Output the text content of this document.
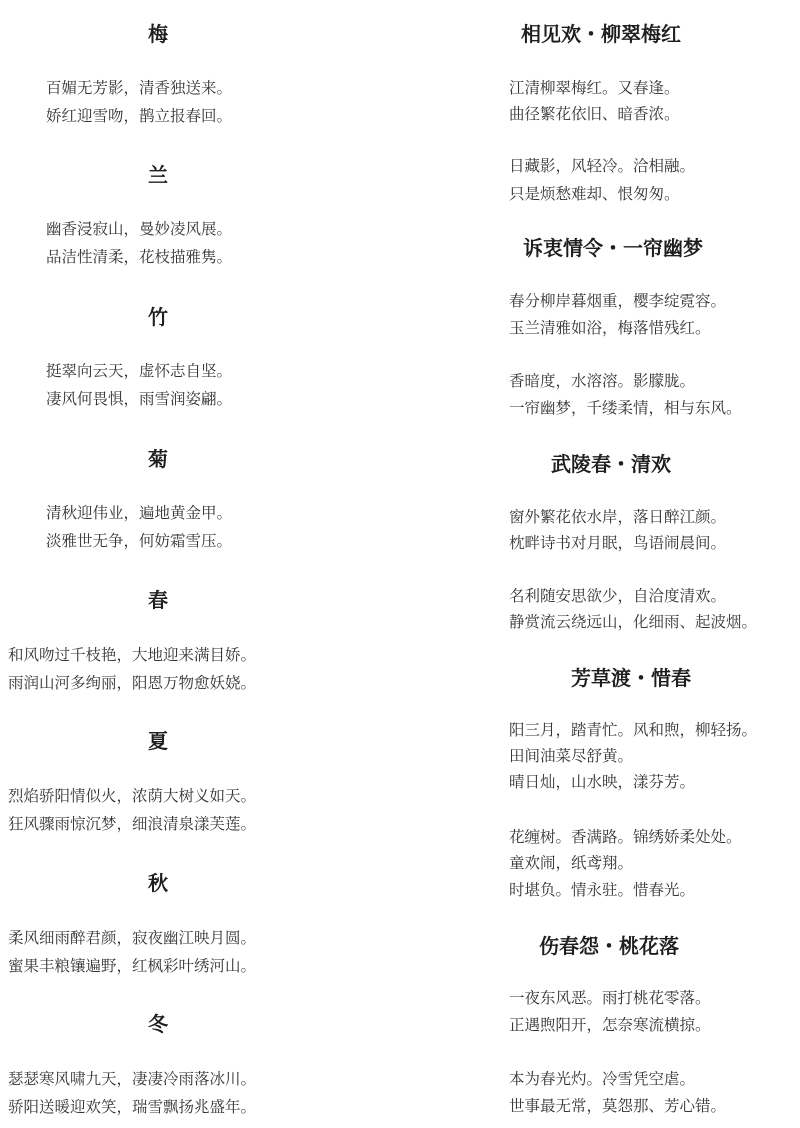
梅
百媚无芳影，清香独送来。
娇红迎雪吻，鹊立报春回。
兰
幽香浸寂山，曼妙凌风展。
品洁性清柔，花枝描雅隽。
竹
挺翠向云天，虚怀志自坚。
凄风何畏惧，雨雪润姿翩。
菊
清秋迎伟业，遍地黄金甲。
淡雅世无争，何妨霜雪压。
春
和风吻过千枝艳，大地迎来满目娇。
雨润山河多绚丽，阳恩万物愈妖娆。
夏
烈焰骄阳情似火，浓荫大树义如天。
狂风骤雨惊沉梦，细浪清泉漾芙莲。
秋
柔风细雨醉君颜，寂夜幽江映月圆。
蜜果丰粮镶遍野，红枫彩叶绣河山。
冬
瑟瑟寒风啸九天，凄凄冷雨落冰川。
骄阳送暖迎欢笑，瑞雪飘扬兆盛年。
相见欢・柳翠梅红
江清柳翠梅红。又春逢。
曲径繁花依旧、暗香浓。
日藏影，风轻冷。洽相融。
只是烦愁难却、恨匆匆。
诉衷情令・一帘幽梦
春分柳岸暮烟重，樱李绽霓容。
玉兰清雅如浴，梅落惜残红。
香暗度，水溶溶。影朦胧。
一帘幽梦，千缕柔情，相与东风。
武陵春・清欢
窗外繁花依水岸，落日醉江颜。
枕畔诗书对月眠，鸟语闹晨间。
名利随安思欲少，自洽度清欢。
静赏流云绕远山，化细雨、起波烟。
芳草渡・惜春
阳三月，踏青忙。风和煦，柳轻扬。
田间油菜尽舒黄。
晴日灿，山水映，漾芬芳。
花缠树。香满路。锦绣娇柔处处。
童欢闹，纸鸢翔。
时堪负。情永驻。惜春光。
伤春怨・桃花落
一夜东风恶。雨打桃花零落。
正遇煦阳开，怎奈寒流横掠。
本为春光灼。冷雪凭空虐。
世事最无常，莫怨那、芳心错。
